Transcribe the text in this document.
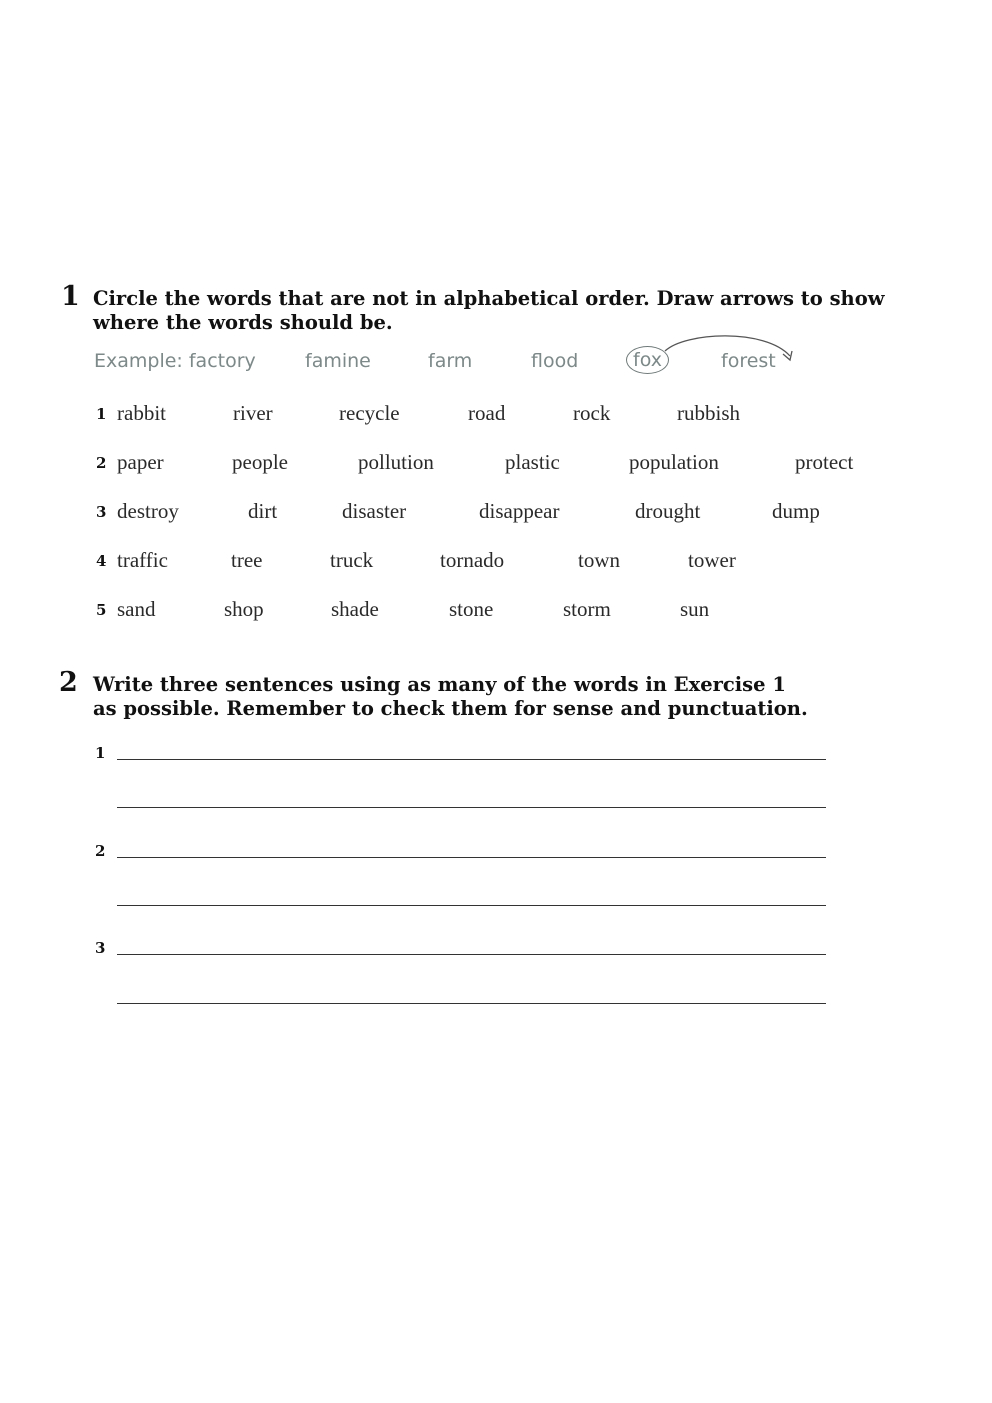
1 Circle the words that are not in alphabetical order. Draw arrows to show
where the words should be.
Example: factory	famine	farm	flood	fox	forest
1 rabbit	river	recycle	road	rock	rubbish
2 paper	people	pollution	plastic	population	protect
3 destroy	dirt	disaster	disappear	drought	dump
4 traffic	tree	truck	tornado	town	tower
5 sand	shop	shade	stone	storm	sun
2 Write three sentences using as many of the words in Exercise 1
as possible. Remember to check them for sense and punctuation.
1
2
3
